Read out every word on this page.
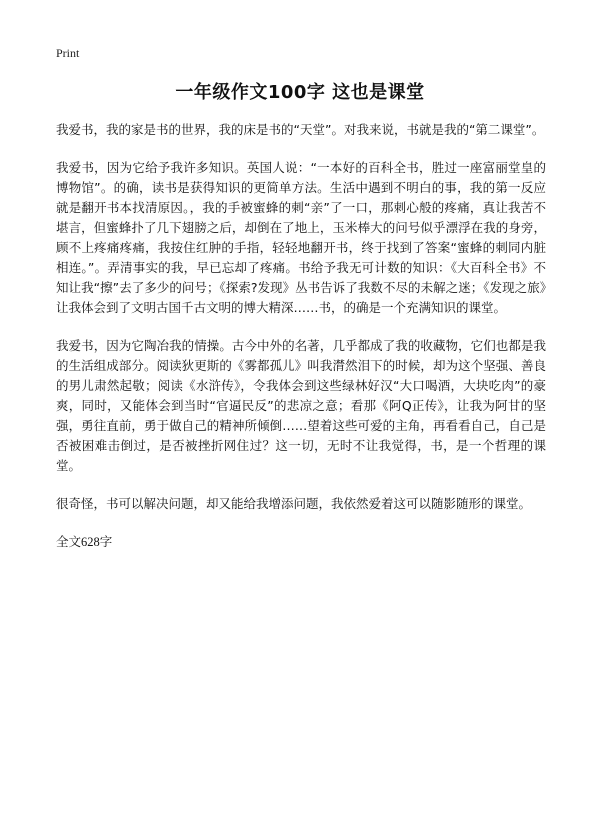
Print
一年级作文100字 这也是课堂

我爱书，我的家是书的世界，我的床是书的“天堂”。对我来说，书就是我的“第二课堂”。

我爱书，因为它给予我许多知识。英国人说：“一本好的百科全书，胜过一座富丽堂皇的博物馆”。的确，读书是获得知识的更简单方法。生活中遇到不明白的事，我的第一反应就是翻开书本找清原因。，我的手被蜜蜂的刺“亲”了一口，那刺心般的疼痛，真让我苦不堪言，但蜜蜂扑了几下翅膀之后，却倒在了地上，玉米棒大的问号似乎漂浮在我的身旁，顾不上疼痛疼痛，我按住红肿的手指，轻轻地翻开书，终于找到了答案“蜜蜂的刺同内脏相连。”。弄清事实的我，早已忘却了疼痛。书给予我无可计数的知识：《大百科全书》不知让我“擦”去了多少的问号；《探索?发现》丛书告诉了我数不尽的未解之迷；《发现之旅》让我体会到了文明古国千古文明的博大精深……书，的确是一个充满知识的课堂。

我爱书，因为它陶冶我的情操。古今中外的名著，几乎都成了我的收藏物，它们也都是我的生活组成部分。阅读狄更斯的《雾都孤儿》叫我潸然泪下的时候，却为这个坚强、善良的男儿肃然起敬；阅读《水浒传》，令我体会到这些绿林好汉“大口喝酒，大块吃肉”的豪爽，同时，又能体会到当时“官逼民反”的悲凉之意；看那《阿Q正传》，让我为阿甘的坚强，勇往直前，勇于做自己的精神所倾倒……望着这些可爱的主角，再看看自己，自己是否被困难击倒过，是否被挫折网住过？这一切，无时不让我觉得，书，是一个哲理的课堂。

很奇怪，书可以解决问题，却又能给我增添问题，我依然爱着这可以随影随形的课堂。

全文628字
